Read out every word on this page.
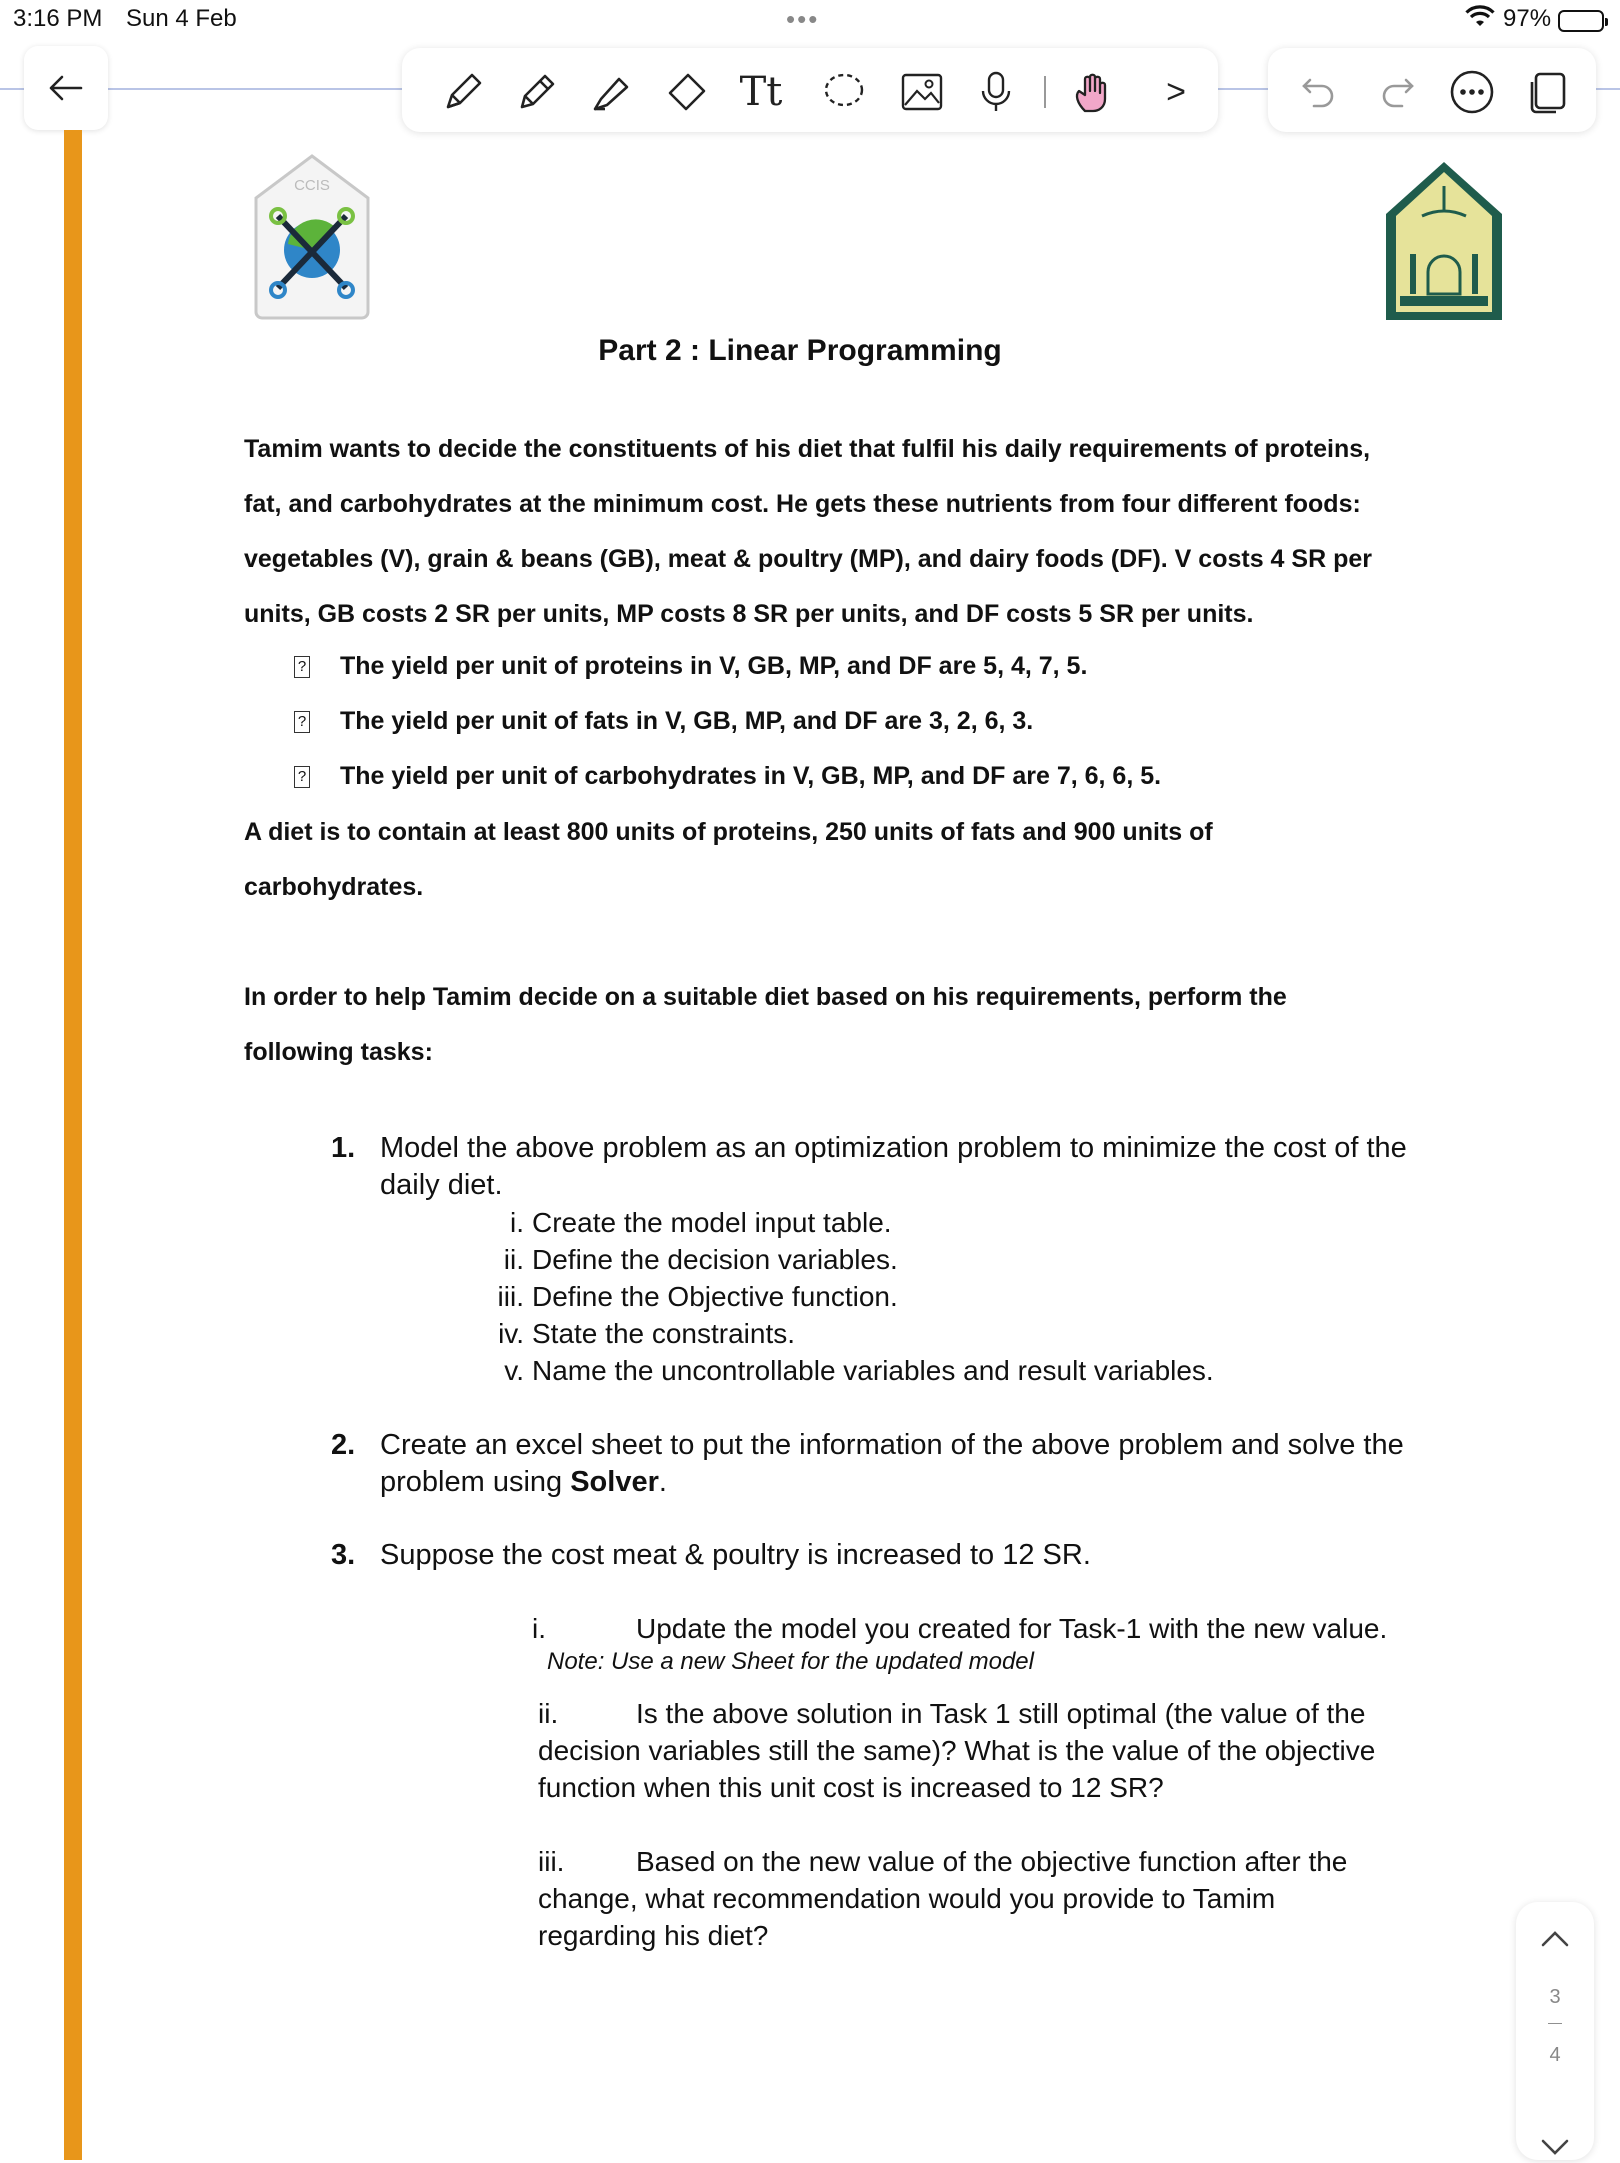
3:16 PM Sun 4 Feb	•••	97%
Tt	>
CCIS
Part 2 : Linear Programming
Tamim wants to decide the constituents of his diet that fulfil his daily requirements of proteins,
fat, and carbohydrates at the minimum cost. He gets these nutrients from four different foods:
vegetables (V), grain & beans (GB), meat & poultry (MP), and dairy foods (DF). V costs 4 SR per
units, GB costs 2 SR per units, MP costs 8 SR per units, and DF costs 5 SR per units.
? The yield per unit of proteins in V, GB, MP, and DF are 5, 4, 7, 5.
? The yield per unit of fats in V, GB, MP, and DF are 3, 2, 6, 3.
? The yield per unit of carbohydrates in V, GB, MP, and DF are 7, 6, 6, 5.
A diet is to contain at least 800 units of proteins, 250 units of fats and 900 units of
carbohydrates.
In order to help Tamim decide on a suitable diet based on his requirements, perform the
following tasks:
1. Model the above problem as an optimization problem to minimize the cost of the
daily diet.
i. Create the model input table.
ii. Define the decision variables.
iii. Define the Objective function.
iv. State the constraints.
v. Name the uncontrollable variables and result variables.
2. Create an excel sheet to put the information of the above problem and solve the
problem using Solver.
3. Suppose the cost meat & poultry is increased to 12 SR.
i.	Update the model you created for Task-1 with the new value.
Note: Use a new Sheet for the updated model
ii.	Is the above solution in Task 1 still optimal (the value of the
decision variables still the same)? What is the value of the objective
function when this unit cost is increased to 12 SR?
iii.	Based on the new value of the objective function after the
change, what recommendation would you provide to Tamim
regarding his diet?
3
—
4
